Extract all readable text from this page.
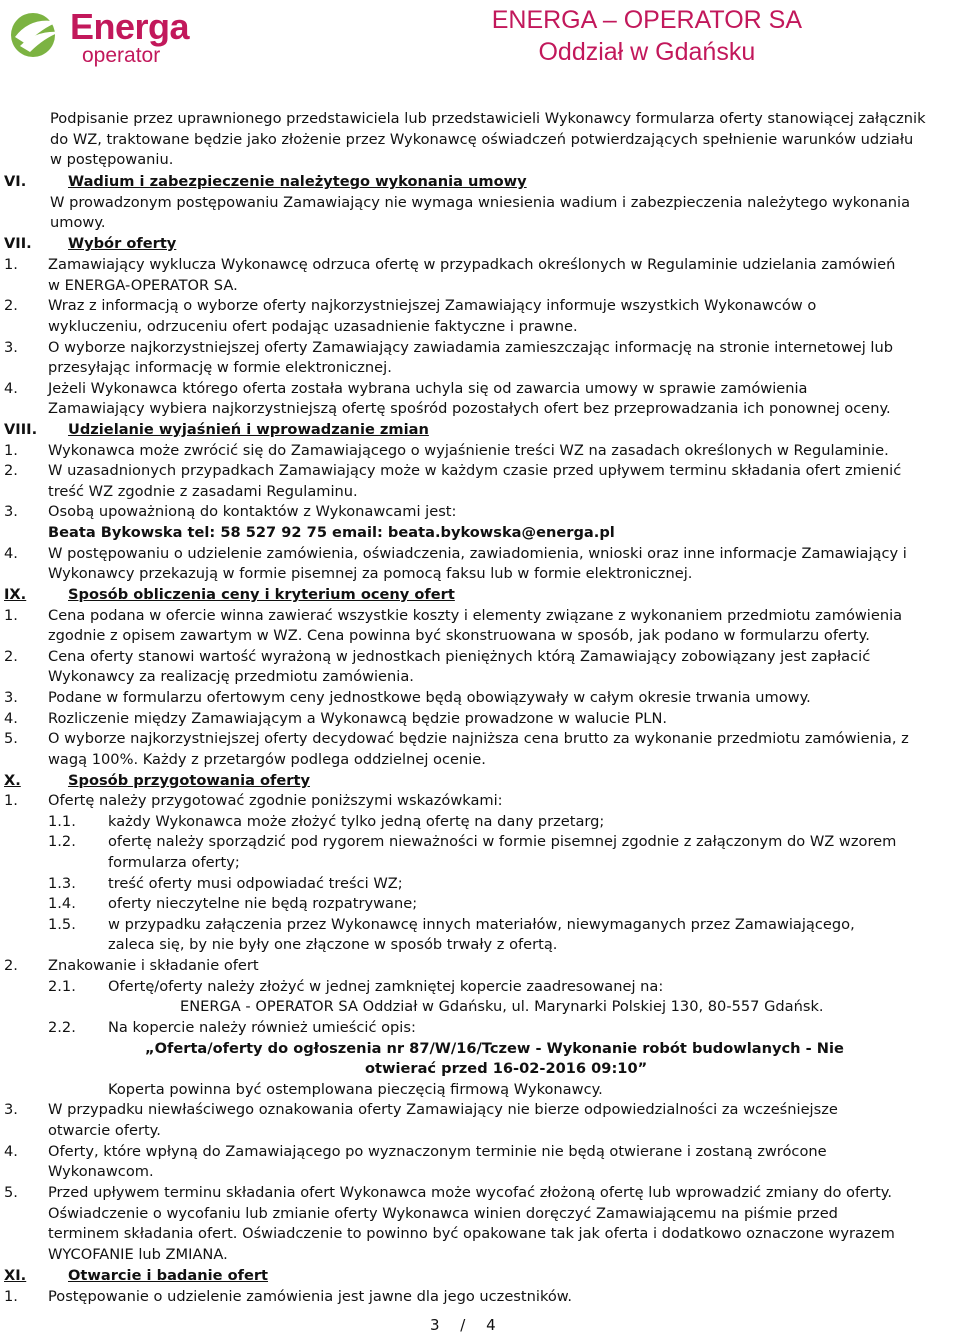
Energa
operator
ENERGA – OPERATOR SA
Oddział w Gdańsku
Podpisanie przez uprawnionego przedstawiciela lub przedstawicieli Wykonawcy formularza oferty stanowiącej załącznik
do WZ, traktowane będzie jako złożenie przez Wykonawcę oświadczeń potwierdzających spełnienie warunków udziału
w postępowaniu.
VI.	Wadium i zabezpieczenie należytego wykonania umowy
W prowadzonym postępowaniu Zamawiający nie wymaga wniesienia wadium i zabezpieczenia należytego wykonania
umowy.
VII. Wybór oferty
1. Zamawiający wyklucza Wykonawcę odrzuca ofertę w przypadkach określonych w Regulaminie udzielania zamówień
w ENERGA-OPERATOR SA.
2. Wraz z informacją o wyborze oferty najkorzystniejszej Zamawiający informuje wszystkich Wykonawców o
wykluczeniu, odrzuceniu ofert podając uzasadnienie faktyczne i prawne.
3. O wyborze najkorzystniejszej oferty Zamawiający zawiadamia zamieszczając informację na stronie internetowej lub
przesyłając informację w formie elektronicznej.
4. Jeżeli Wykonawca którego oferta została wybrana uchyla się od zawarcia umowy w sprawie zamówienia
Zamawiający wybiera najkorzystniejszą ofertę spośród pozostałych ofert bez przeprowadzania ich ponownej oceny.
VIII. Udzielanie wyjaśnień i wprowadzanie zmian
1. Wykonawca może zwrócić się do Zamawiającego o wyjaśnienie treści WZ na zasadach określonych w Regulaminie.
2. W uzasadnionych przypadkach Zamawiający może w każdym czasie przed upływem terminu składania ofert zmienić
treść WZ zgodnie z zasadami Regulaminu.
3. Osobą upoważnioną do kontaktów z Wykonawcami jest:
Beata Bykowska tel: 58 527 92 75 email: beata.bykowska@energa.pl
4. W postępowaniu o udzielenie zamówienia, oświadczenia, zawiadomienia, wnioski oraz inne informacje Zamawiający i
Wykonawcy przekazują w formie pisemnej za pomocą faksu lub w formie elektronicznej.
IX.	Sposób obliczenia ceny i kryterium oceny ofert
1. Cena podana w ofercie winna zawierać wszystkie koszty i elementy związane z wykonaniem przedmiotu zamówienia
zgodnie z opisem zawartym w WZ. Cena powinna być skonstruowana w sposób, jak podano w formularzu oferty.
2. Cena oferty stanowi wartość wyrażoną w jednostkach pieniężnych którą Zamawiający zobowiązany jest zapłacić
Wykonawcy za realizację przedmiotu zamówienia.
3. Podane w formularzu ofertowym ceny jednostkowe będą obowiązywały w całym okresie trwania umowy.
4. Rozliczenie między Zamawiającym a Wykonawcą będzie prowadzone w walucie PLN.
5. O wyborze najkorzystniejszej oferty decydować będzie najniższa cena brutto za wykonanie przedmiotu zamówienia, z
wagą 100%. Każdy z przetargów podlega oddzielnej ocenie.
X.	Sposób przygotowania oferty
1. Ofertę należy przygotować zgodnie poniższymi wskazówkami:
1.1. każdy Wykonawca może złożyć tylko jedną ofertę na dany przetarg;
1.2. ofertę należy sporządzić pod rygorem nieważności w formie pisemnej zgodnie z załączonym do WZ wzorem
formularza oferty;
1.3. treść oferty musi odpowiadać treści WZ;
1.4. oferty nieczytelne nie będą rozpatrywane;
1.5. w przypadku załączenia przez Wykonawcę innych materiałów, niewymaganych przez Zamawiającego,
zaleca się, by nie były one złączone w sposób trwały z ofertą.
2. Znakowanie i składanie ofert
2.1. Ofertę/oferty należy złożyć w jednej zamkniętej kopercie zaadresowanej na:
ENERGA - OPERATOR SA Oddział w Gdańsku, ul. Marynarki Polskiej 130, 80-557 Gdańsk.
2.2. Na kopercie należy również umieścić opis:
„Oferta/oferty do ogłoszenia nr 87/W/16/Tczew - Wykonanie robót budowlanych - Nie
otwierać przed 16-02-2016 09:10”
Koperta powinna być ostemplowana pieczęcią firmową Wykonawcy.
3. W przypadku niewłaściwego oznakowania oferty Zamawiający nie bierze odpowiedzialności za wcześniejsze
otwarcie oferty.
4. Oferty, które wpłyną do Zamawiającego po wyznaczonym terminie nie będą otwierane i zostaną zwrócone
Wykonawcom.
5. Przed upływem terminu składania ofert Wykonawca może wycofać złożoną ofertę lub wprowadzić zmiany do oferty.
Oświadczenie o wycofaniu lub zmianie oferty Wykonawca winien doręczyć Zamawiającemu na piśmie przed
terminem składania ofert. Oświadczenie to powinno być opakowane tak jak oferta i dodatkowo oznaczone wyrazem
WYCOFANIE lub ZMIANA.
XI.	Otwarcie i badanie ofert
1. Postępowanie o udzielenie zamówienia jest jawne dla jego uczestników.
3 / 4
